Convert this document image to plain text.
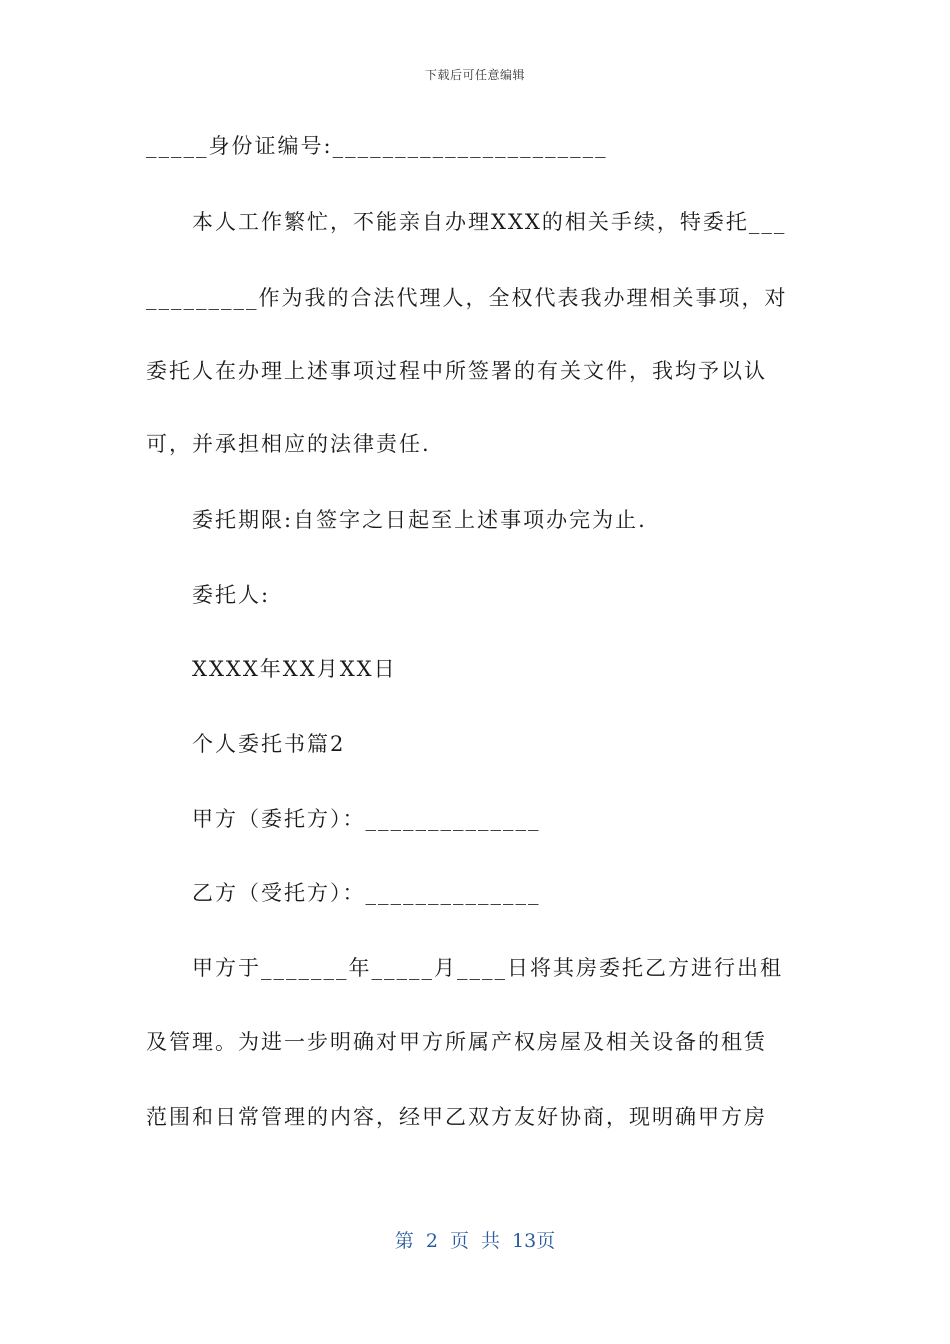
下载后可任意编辑
_____身份证编号:______________________
本人工作繁忙，不能亲自办理XXX的相关手续，特委托___
_________作为我的合法代理人，全权代表我办理相关事项，对
委托人在办理上述事项过程中所签署的有关文件，我均予以认
可，并承担相应的法律责任.
委托期限:自签字之日起至上述事项办完为止.
委托人:
XXXX年XX月XX日
个人委托书篇2
甲方（委托方）：______________
乙方（受托方）：______________
甲方于_______年_____月____日将其房委托乙方进行出租
及管理。为进一步明确对甲方所属产权房屋及相关设备的租赁
范围和日常管理的内容，经甲乙双方友好协商，现明确甲方房
第 2 页 共 13页
